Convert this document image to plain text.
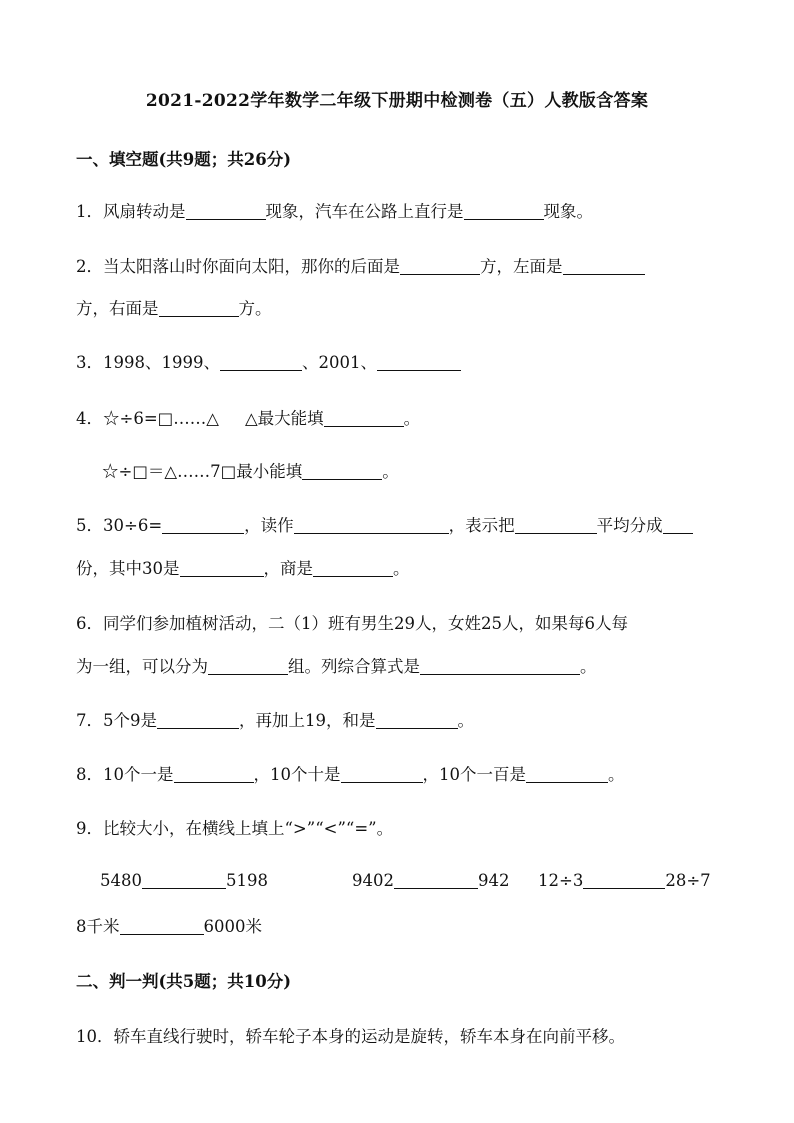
2021-2022学年数学二年级下册期中检测卷（五）人教版含答案
一、填空题(共9题；共26分)
1．风扇转动是	现象，汽车在公路上直行是	现象。
2．当太阳落山时你面向太阳，那你的后面是	方，左面是
方，右面是	方。
3．1998、1999、	、2001、
4．☆÷6=□……△ △最大能填	。
☆÷□＝△……7□最小能填	。
5．30÷6=	，读作	，表示把	平均分成
份，其中30是	，商是	。
6．同学们参加植树活动，二（1）班有男生29人，女姓25人，如果每6人每
为一组，可以分为	组。列综合算式是	。
7．5个9是	，再加上19，和是	。
8．10个一是	，10个十是	，10个一百是	。
9．比较大小，在横线上填上“>”“<”“=”。
5480	5198	9402	942 12÷3	28÷7
8千米	6000米
二、判一判(共5题；共10分)
10．轿车直线行驶时，轿车轮子本身的运动是旋转，轿车本身在向前平移。
